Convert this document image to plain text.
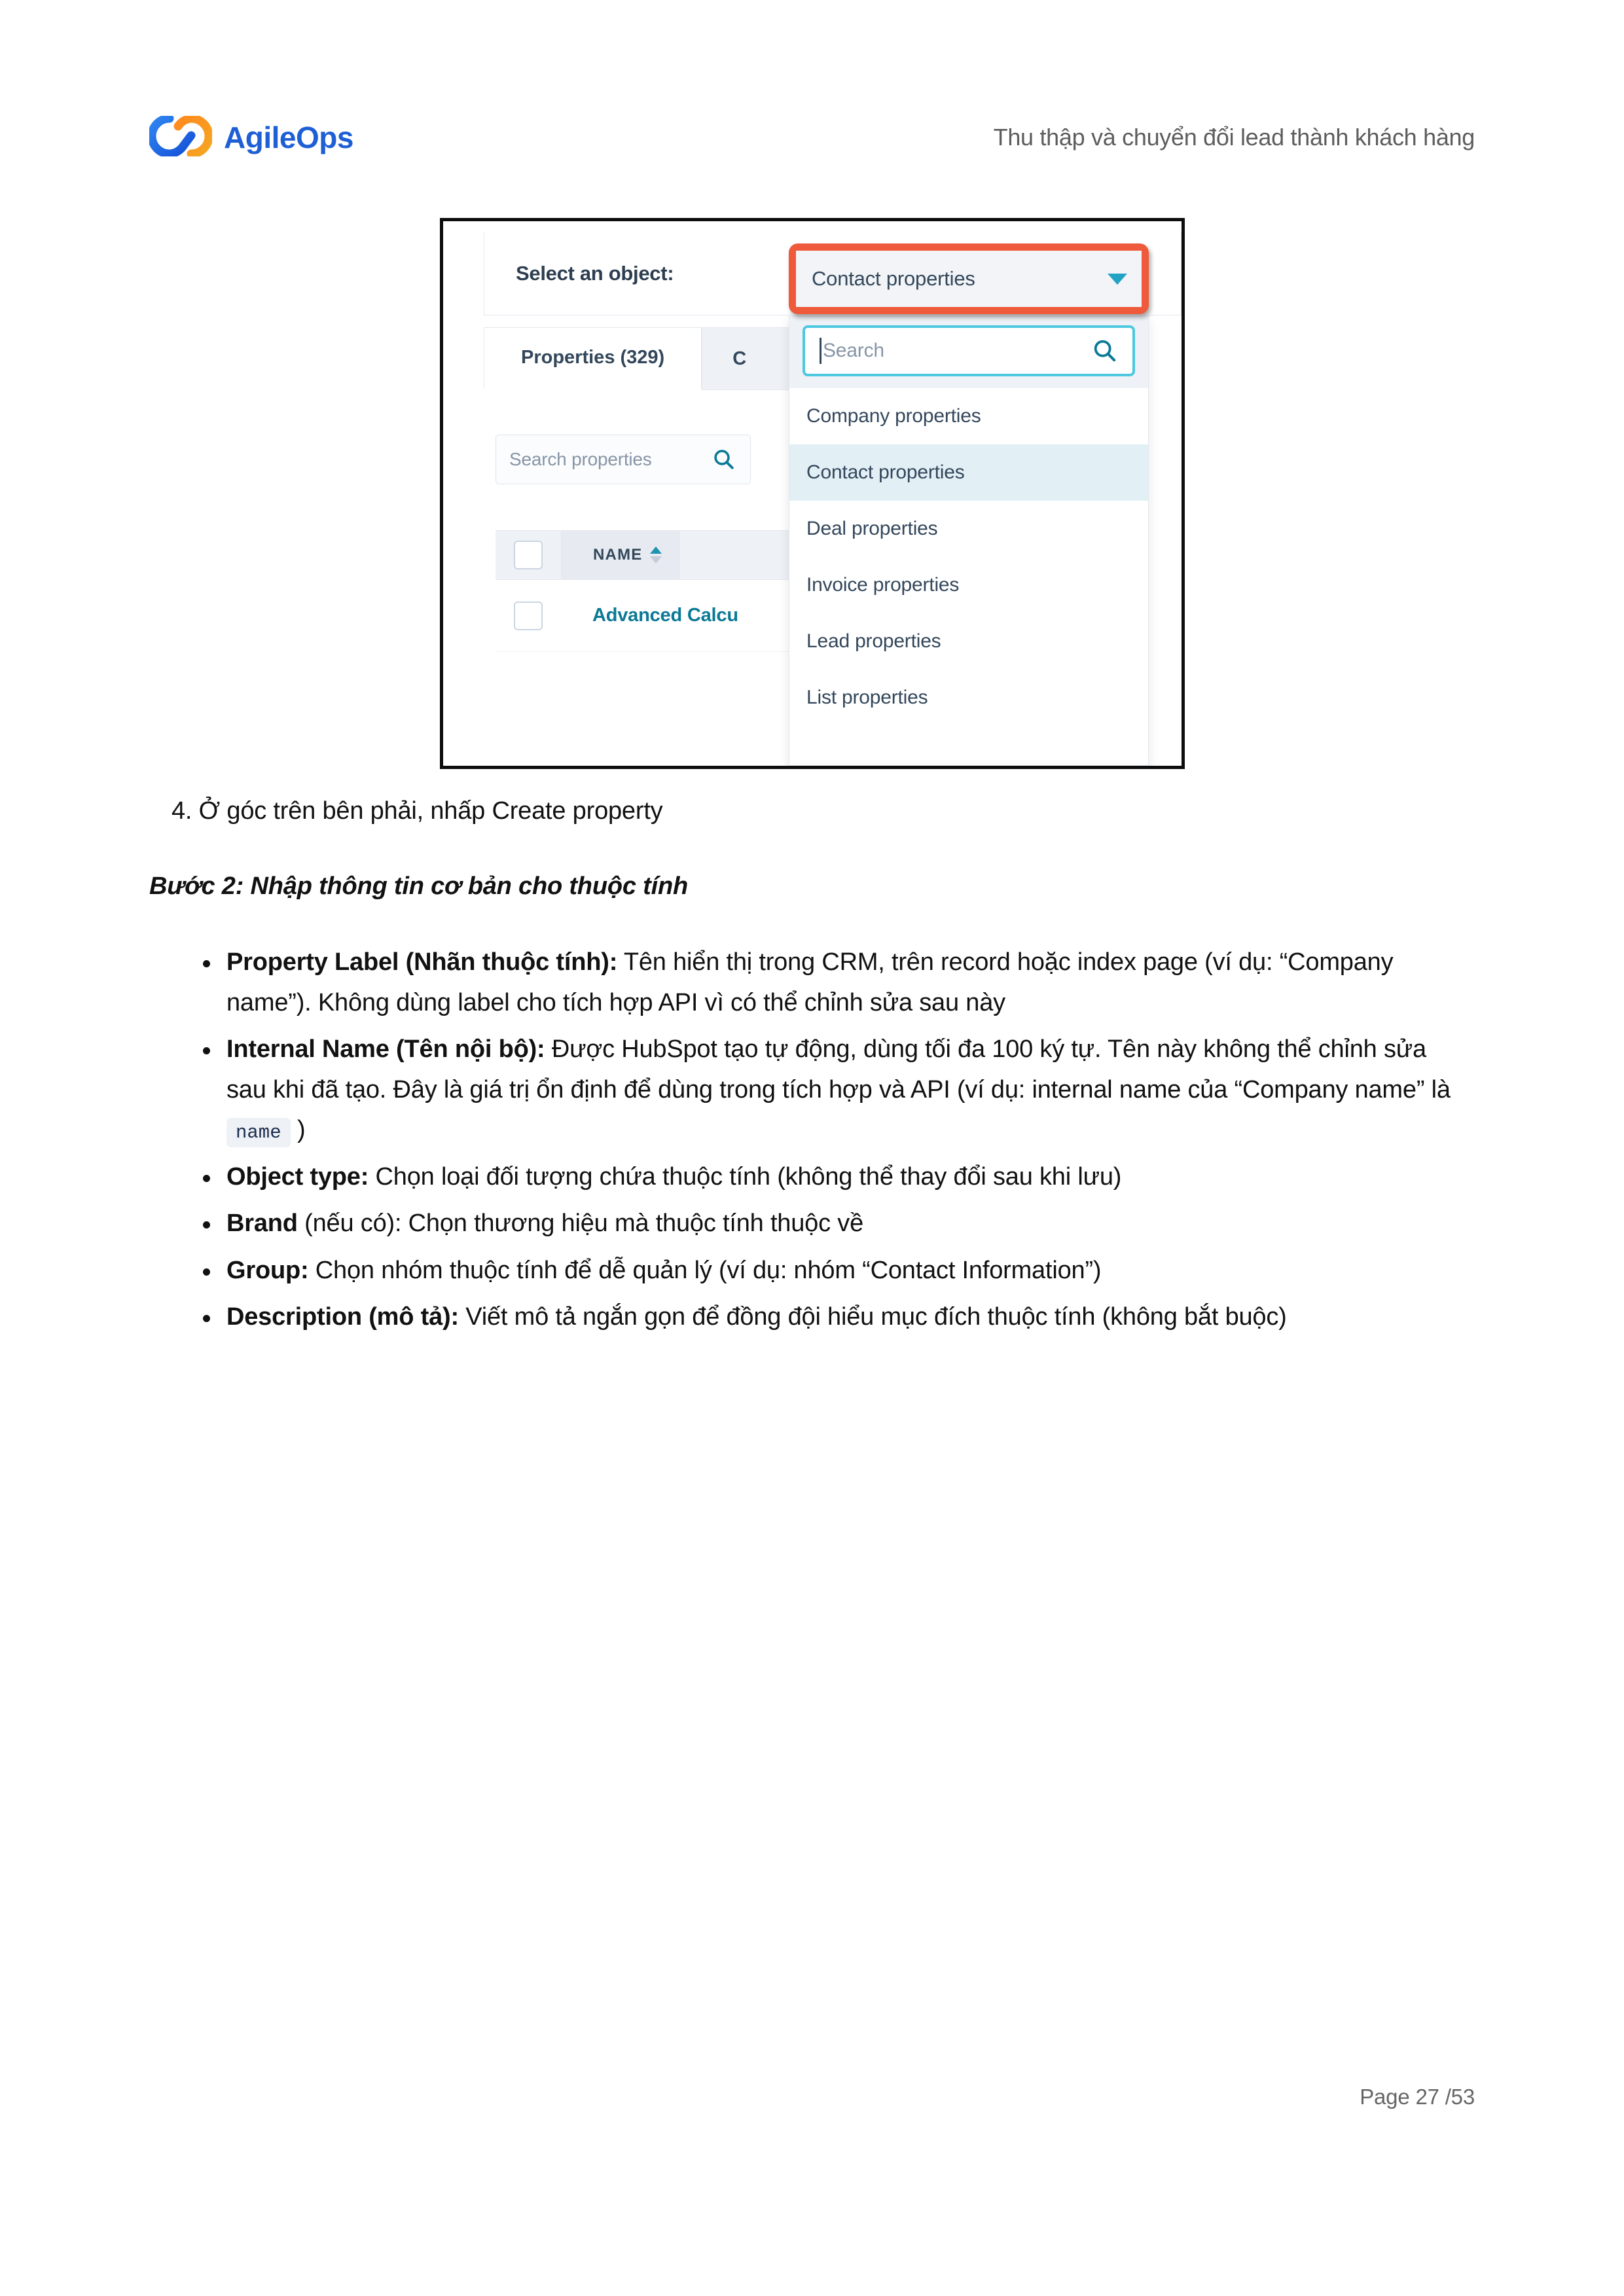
AgileOps	Thu thập và chuyển đổi lead thành khách hàng
Select an object:
Properties (329)	C
Search properties
NAME
Advanced Calcu
Search
Company properties
Contact properties
Deal properties
Invoice properties
Lead properties
List properties
Contact properties
4. Ở góc trên bên phải, nhấp Create property
Bước 2: Nhập thông tin cơ bản cho thuộc tính
Property Label (Nhãn thuộc tính): Tên hiển thị trong CRM, trên record hoặc index page (ví dụ: “Company name”). Không dùng label cho tích hợp API vì có thể chỉnh sửa sau này
Internal Name (Tên nội bộ): Được HubSpot tạo tự động, dùng tối đa 100 ký tự. Tên này không thể chỉnh sửa sau khi đã tạo. Đây là giá trị ổn định để dùng trong tích hợp và API (ví dụ: internal name của “Company name” là name )
Object type: Chọn loại đối tượng chứa thuộc tính (không thể thay đổi sau khi lưu)
Brand (nếu có): Chọn thương hiệu mà thuộc tính thuộc về
Group: Chọn nhóm thuộc tính để dễ quản lý (ví dụ: nhóm “Contact Information”)
Description (mô tả): Viết mô tả ngắn gọn để đồng đội hiểu mục đích thuộc tính (không bắt buộc)
Page 27 /53
